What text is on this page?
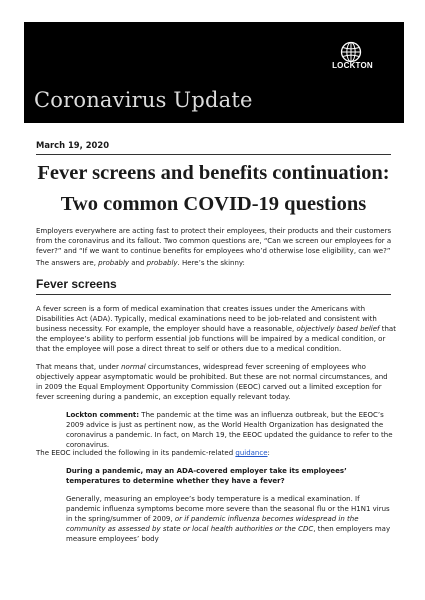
LOCKTON
Coronavirus Update
March 19, 2020
Fever screens and benefits continuation:
Two common COVID-19 questions

Employers everywhere are acting fast to protect their employees, their products and their customers from the coronavirus and its fallout. Two common questions are, “Can we screen our employees for a fever?” and “If we want to continue benefits for employees who’d otherwise lose eligibility, can we?”

The answers are, probably and probably. Here’s the skinny:

Fever screens

A fever screen is a form of medical examination that creates issues under the Americans with Disabilities Act (ADA). Typically, medical examinations need to be job-related and consistent with business necessity. For example, the employer should have a reasonable, objectively based belief that the employee’s ability to perform essential job functions will be impaired by a medical condition, or that the employee will pose a direct threat to self or others due to a medical condition.

That means that, under normal circumstances, widespread fever screening of employees who objectively appear asymptomatic would be prohibited. But these are not normal circumstances, and in 2009 the Equal Employment Opportunity Commission (EEOC) carved out a limited exception for fever screening during a pandemic, an exception equally relevant today.

Lockton comment: The pandemic at the time was an influenza outbreak, but the EEOC’s 2009 advice is just as pertinent now, as the World Health Organization has designated the coronavirus a pandemic. In fact, on March 19, the EEOC updated the guidance to refer to the coronavirus.

The EEOC included the following in its pandemic-related guidance:

During a pandemic, may an ADA-covered employer take its employees’ temperatures to determine whether they have a fever?

Generally, measuring an employee’s body temperature is a medical examination. If pandemic influenza symptoms become more severe than the seasonal flu or the H1N1 virus in the spring/summer of 2009, or if pandemic influenza becomes widespread in the community as assessed by state or local health authorities or the CDC, then employers may measure employees’ body
